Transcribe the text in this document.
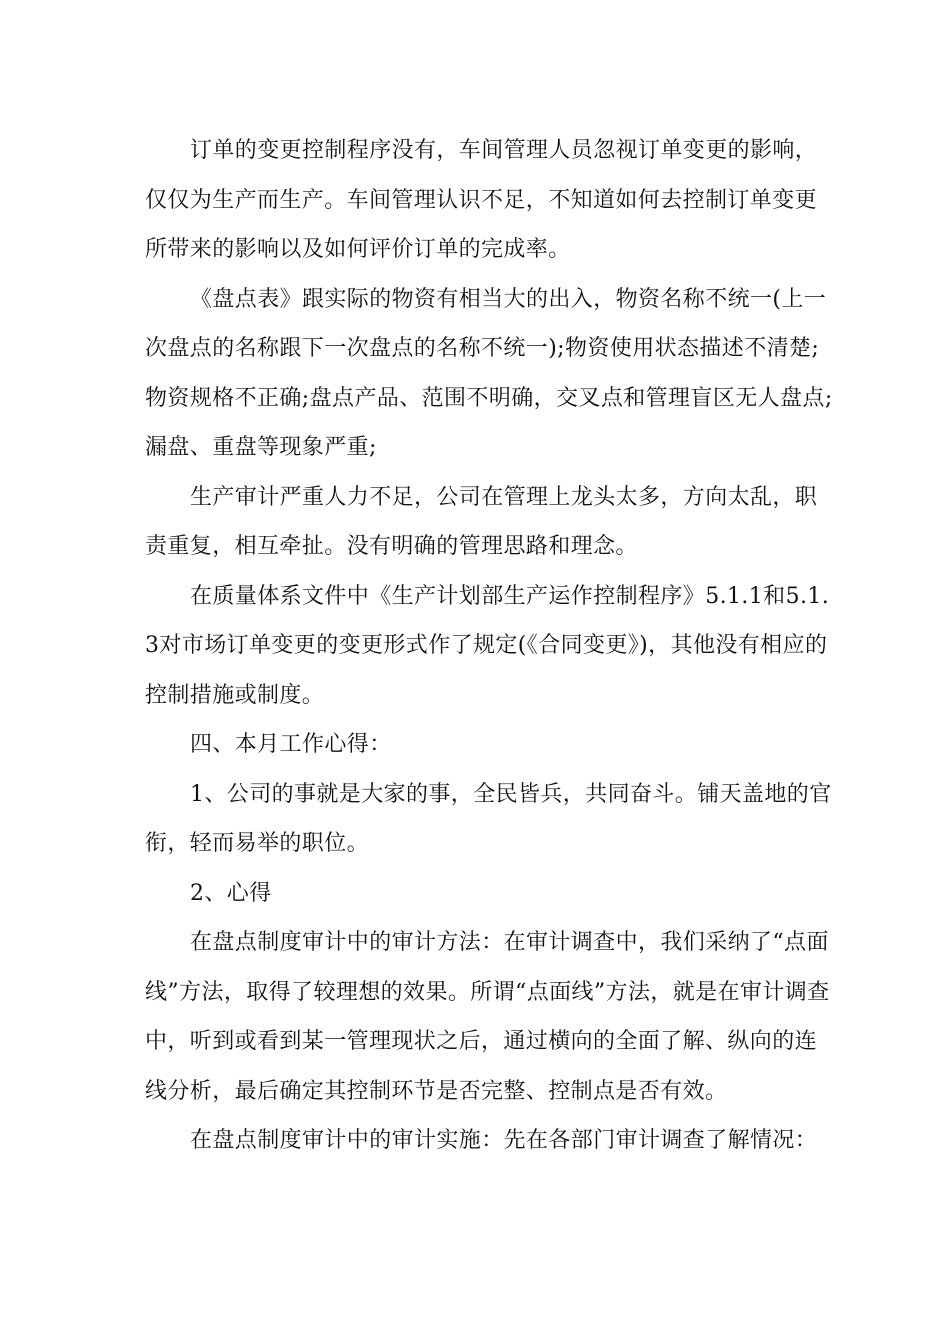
订单的变更控制程序没有，车间管理人员忽视订单变更的影响，仅仅为生产而生产。车间管理认识不足，不知道如何去控制订单变更所带来的影响以及如何评价订单的完成率。

《盘点表》跟实际的物资有相当大的出入，物资名称不统一(上一次盘点的名称跟下一次盘点的名称不统一);物资使用状态描述不清楚;物资规格不正确;盘点产品、范围不明确，交叉点和管理盲区无人盘点;漏盘、重盘等现象严重;

生产审计严重人力不足，公司在管理上龙头太多，方向太乱，职责重复，相互牵扯。没有明确的管理思路和理念。

在质量体系文件中《生产计划部生产运作控制程序》5.1.1和5.1.3对市场订单变更的变更形式作了规定(《合同变更》)，其他没有相应的控制措施或制度。

四、本月工作心得：

1、公司的事就是大家的事，全民皆兵，共同奋斗。铺天盖地的官衔，轻而易举的职位。

2、心得

在盘点制度审计中的审计方法：在审计调查中，我们采纳了“点面线”方法，取得了较理想的效果。所谓“点面线”方法，就是在审计调查中，听到或看到某一管理现状之后，通过横向的全面了解、纵向的连线分析，最后确定其控制环节是否完整、控制点是否有效。

在盘点制度审计中的审计实施：先在各部门审计调查了解情况：
